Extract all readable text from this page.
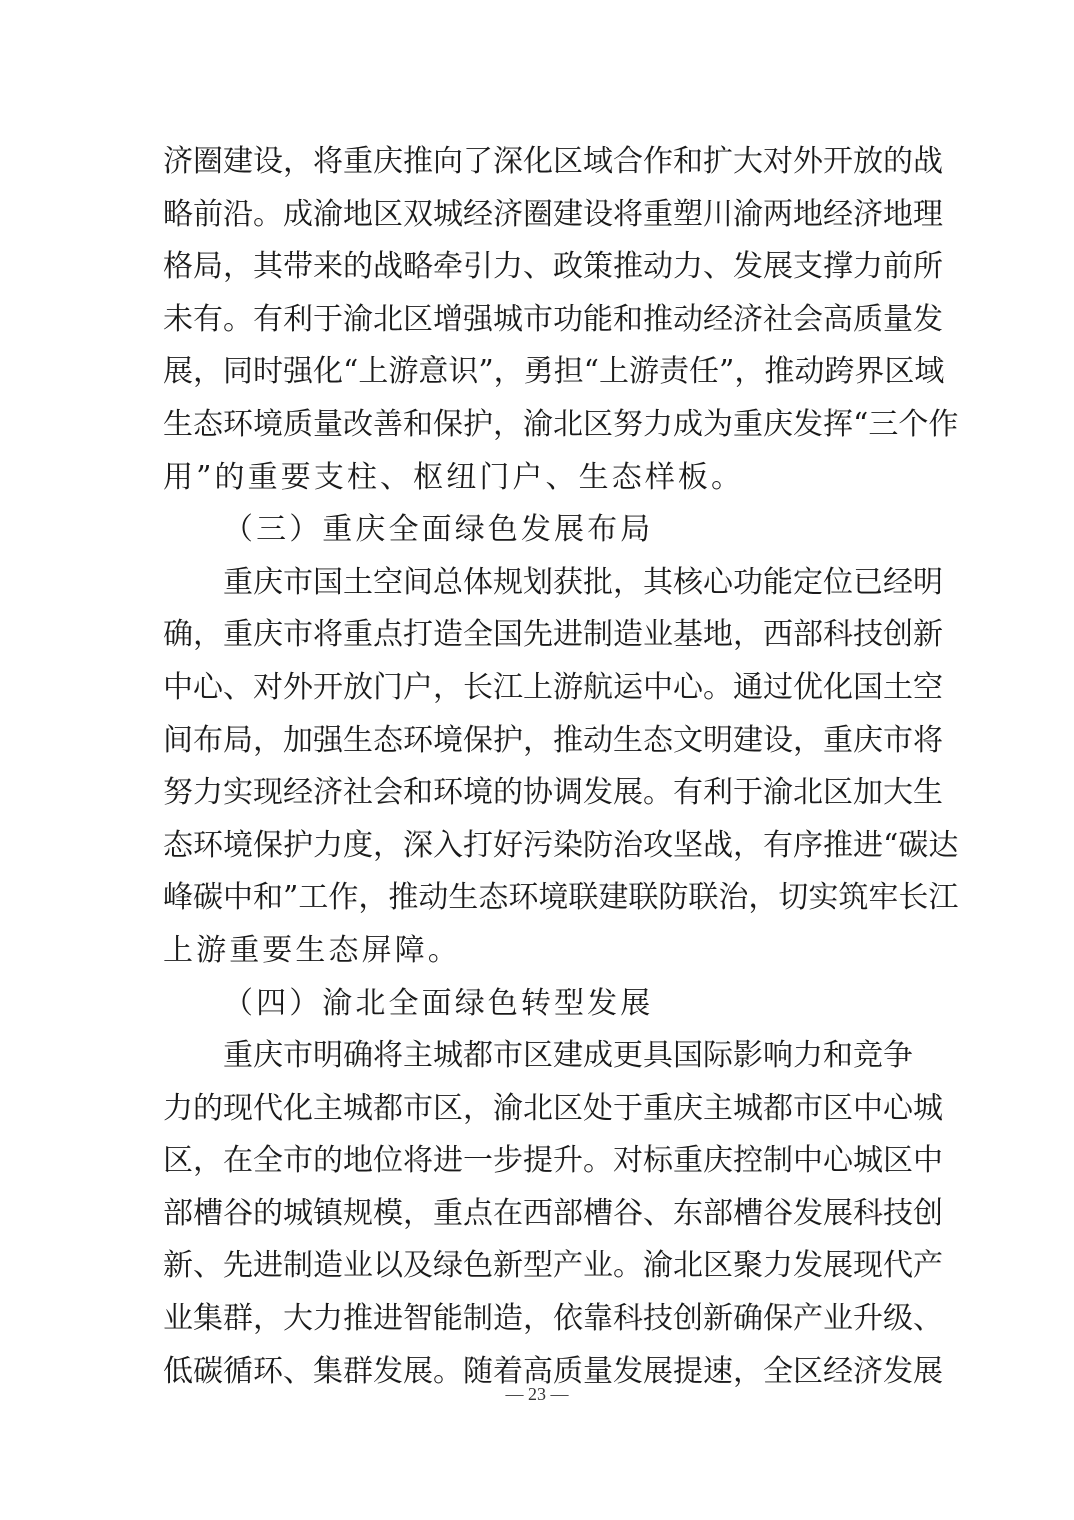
济圈建设，将重庆推向了深化区域合作和扩大对外开放的战
略前沿。成渝地区双城经济圈建设将重塑川渝两地经济地理
格局，其带来的战略牵引力、政策推动力、发展支撑力前所
未有。有利于渝北区增强城市功能和推动经济社会高质量发
展，同时强化“上游意识”，勇担“上游责任”，推动跨界区域
生态环境质量改善和保护，渝北区努力成为重庆发挥“三个作
用”的重要支柱、枢纽门户、生态样板。
（三）重庆全面绿色发展布局
重庆市国土空间总体规划获批，其核心功能定位已经明
确，重庆市将重点打造全国先进制造业基地，西部科技创新
中心、对外开放门户，长江上游航运中心。通过优化国土空
间布局，加强生态环境保护，推动生态文明建设，重庆市将
努力实现经济社会和环境的协调发展。有利于渝北区加大生
态环境保护力度，深入打好污染防治攻坚战，有序推进“碳达
峰碳中和”工作，推动生态环境联建联防联治，切实筑牢长江
上游重要生态屏障。
（四）渝北全面绿色转型发展
重庆市明确将主城都市区建成更具国际影响力和竞争
力的现代化主城都市区，渝北区处于重庆主城都市区中心城
区，在全市的地位将进一步提升。对标重庆控制中心城区中
部槽谷的城镇规模，重点在西部槽谷、东部槽谷发展科技创
新、先进制造业以及绿色新型产业。渝北区聚力发展现代产
业集群，大力推进智能制造，依靠科技创新确保产业升级、
低碳循环、集群发展。随着高质量发展提速，全区经济发展
— 23 —
